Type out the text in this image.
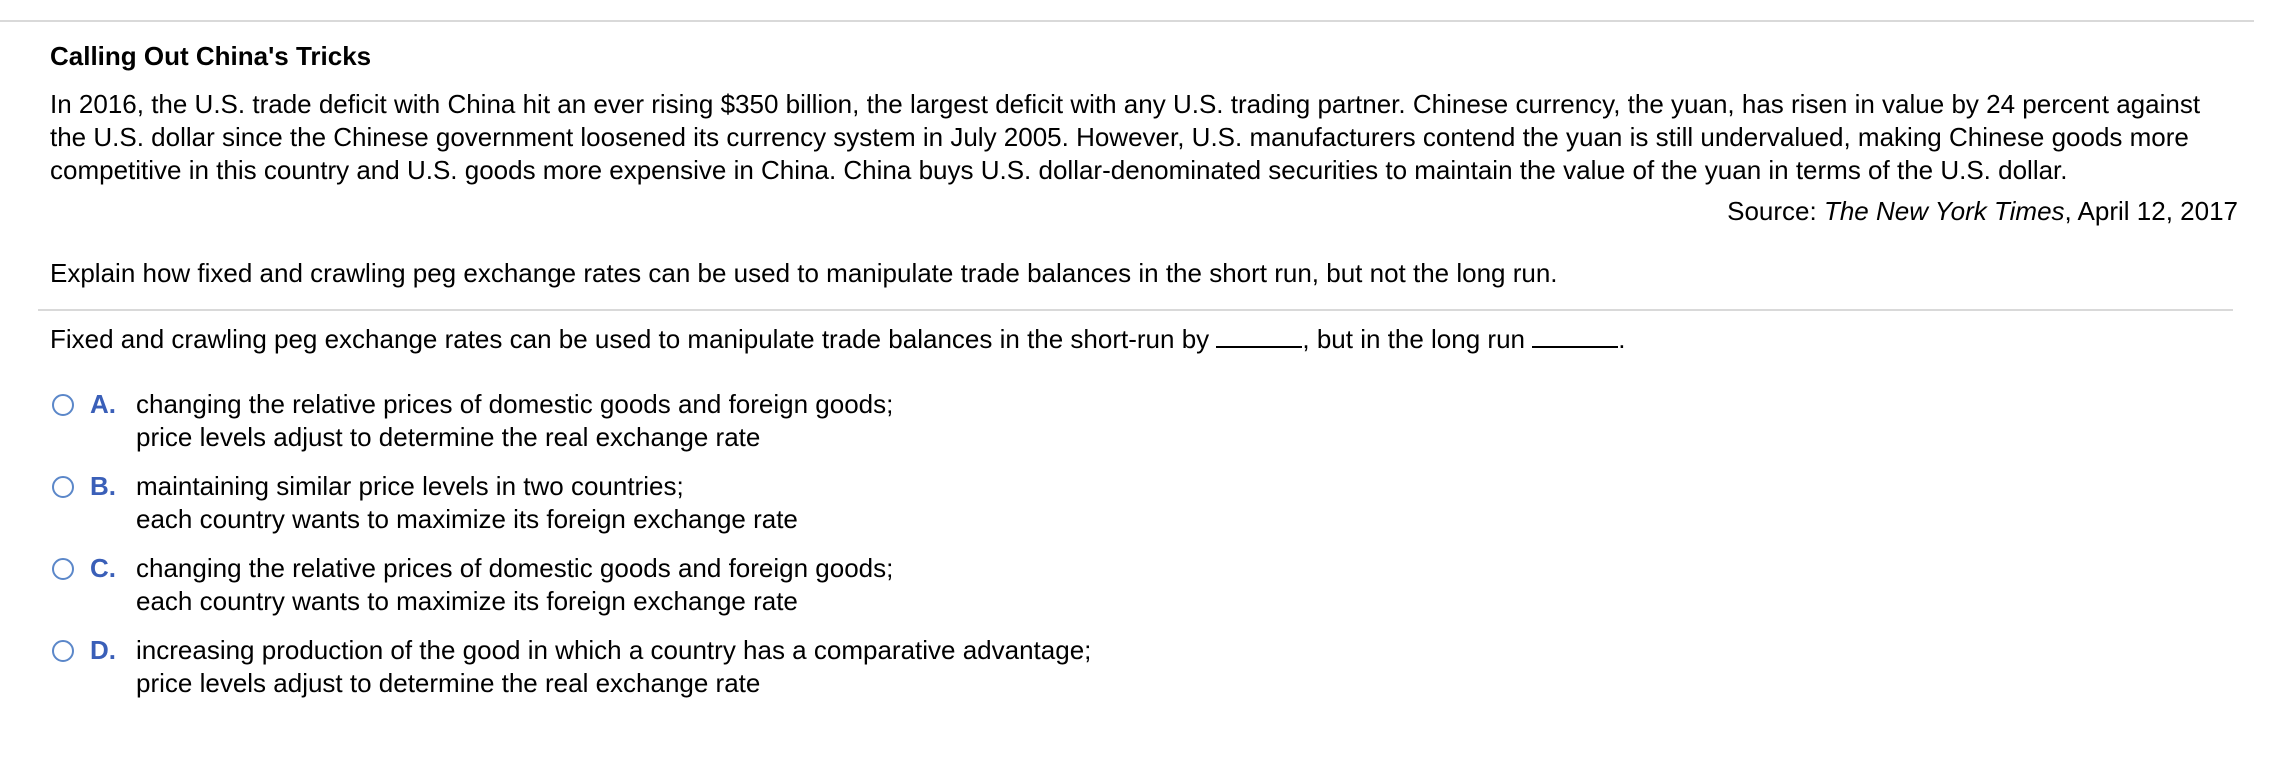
Calling Out China's Tricks

In 2016, the U.S. trade deficit with China hit an ever rising $350 billion, the largest deficit with any U.S. trading partner. Chinese currency, the yuan, has risen in value by 24 percent against the U.S. dollar since the Chinese government loosened its currency system in July 2005. However, U.S. manufacturers contend the yuan is still undervalued, making Chinese goods more competitive in this country and U.S. goods more expensive in China. China buys U.S. dollar-denominated securities to maintain the value of the yuan in terms of the U.S. dollar.

Source: The New York Times, April 12, 2017

Explain how fixed and crawling peg exchange rates can be used to manipulate trade balances in the short run, but not the long run.

Fixed and crawling peg exchange rates can be used to manipulate trade balances in the short-run by	, but in the long run	.
A. changing the relative prices of domestic goods and foreign goods;
price levels adjust to determine the real exchange rate
B. maintaining similar price levels in two countries;
each country wants to maximize its foreign exchange rate
C. changing the relative prices of domestic goods and foreign goods;
each country wants to maximize its foreign exchange rate
D. increasing production of the good in which a country has a comparative advantage;
price levels adjust to determine the real exchange rate
